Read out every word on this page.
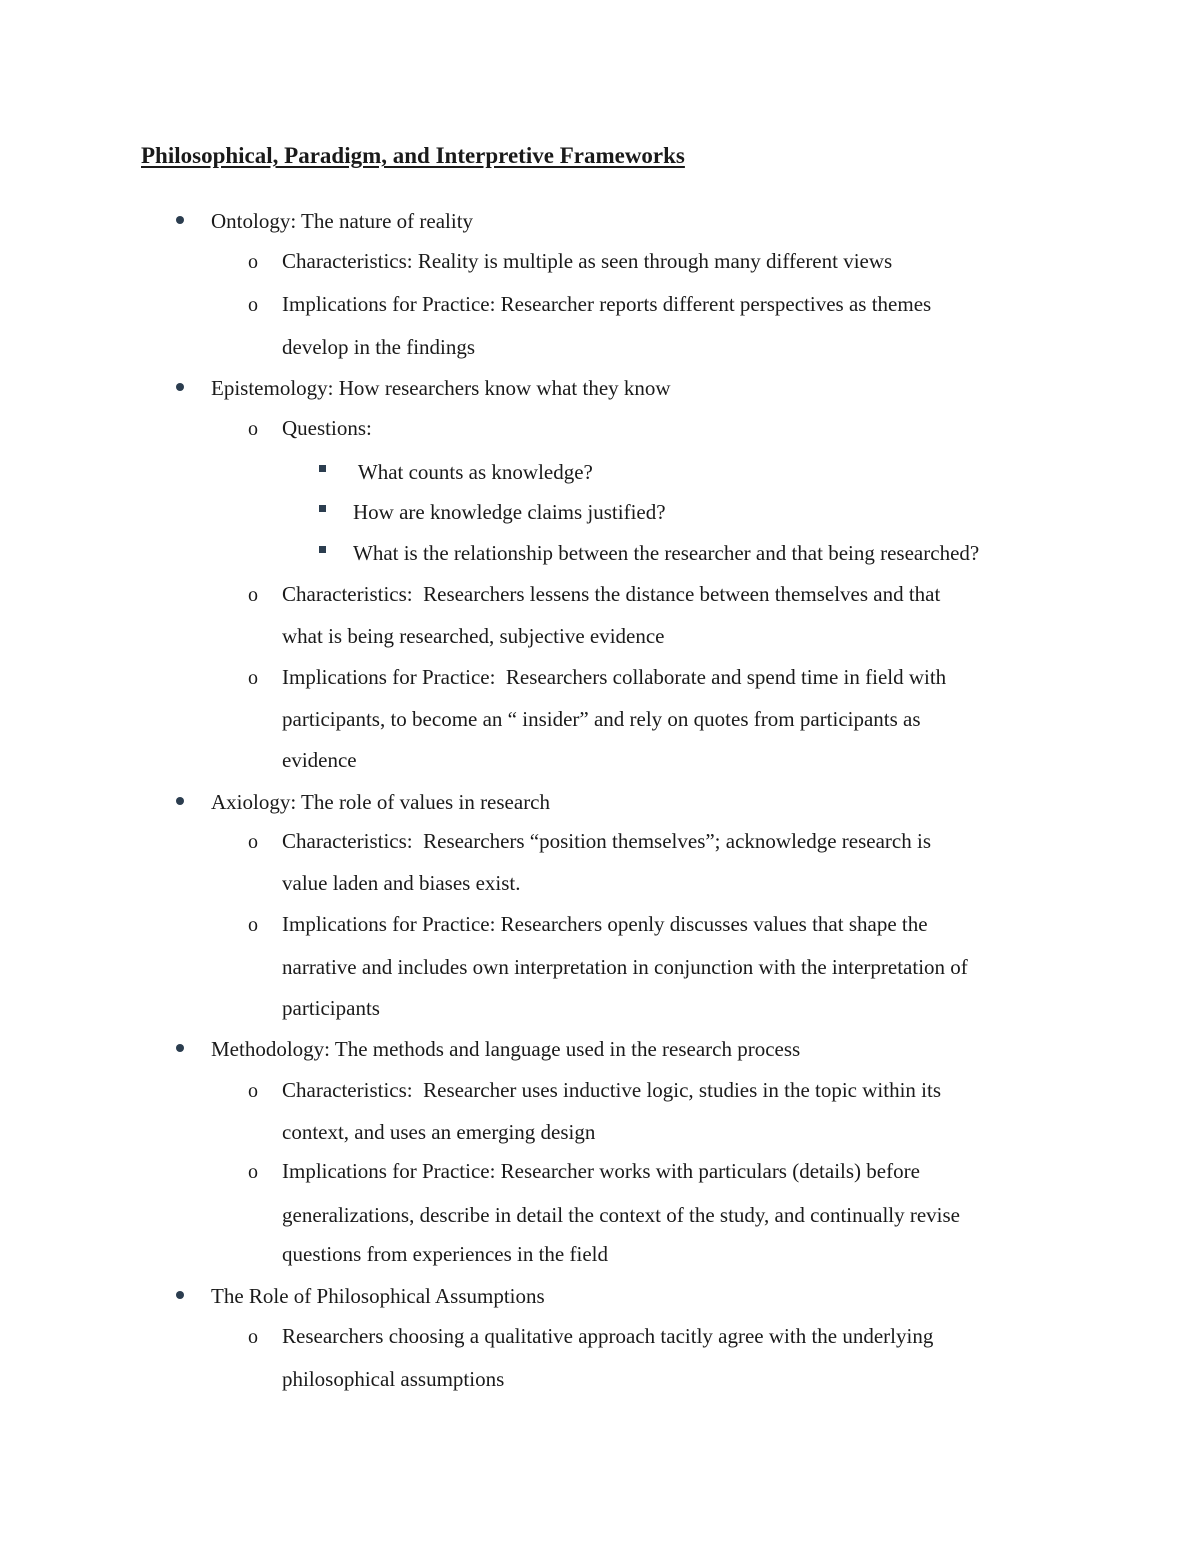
Philosophical, Paradigm, and Interpretive Frameworks

Ontology: The nature of reality

o Characteristics: Reality is multiple as seen through many different views

o Implications for Practice: Researcher reports different perspectives as themes

develop in the findings

Epistemology: How researchers know what they know

o Questions:

What counts as knowledge?

How are knowledge claims justified?

What is the relationship between the researcher and that being researched?

o Characteristics:  Researchers lessens the distance between themselves and that

what is being researched, subjective evidence

o Implications for Practice:  Researchers collaborate and spend time in field with

participants, to become an “ insider” and rely on quotes from participants as

evidence

Axiology: The role of values in research

o Characteristics:  Researchers “position themselves”; acknowledge research is

value laden and biases exist.

o Implications for Practice: Researchers openly discusses values that shape the

narrative and includes own interpretation in conjunction with the interpretation of

participants

Methodology: The methods and language used in the research process

o Characteristics:  Researcher uses inductive logic, studies in the topic within its

context, and uses an emerging design

o Implications for Practice: Researcher works with particulars (details) before

generalizations, describe in detail the context of the study, and continually revise

questions from experiences in the field

The Role of Philosophical Assumptions

o Researchers choosing a qualitative approach tacitly agree with the underlying

philosophical assumptions
